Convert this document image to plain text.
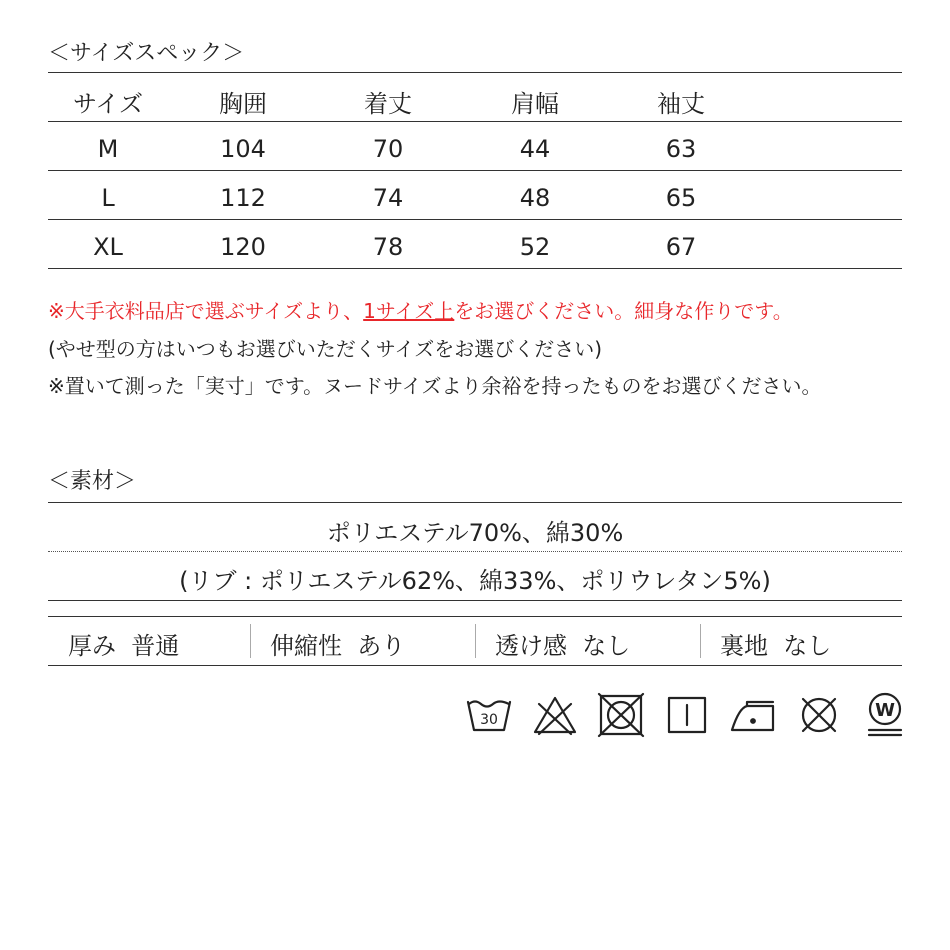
＜サイズスペック＞
サイズ	胸囲	着丈	肩幅	袖丈
M	104	70	44	63
L	112	74	48	65
XL	120	78	52	67
※大手衣料品店で選ぶサイズより、1サイズ上をお選びください。細身な作りです。
(やせ型の方はいつもお選びいただくサイズをお選びください)
※置いて測った「実寸」です。ヌードサイズより余裕を持ったものをお選びください。
＜素材＞
ポリエステル70%、綿30%
(リブ : ポリエステル62%、綿33%、ポリウレタン5%)
厚み 普通	伸縮性 あり	透け感 なし	裏地 なし
30	W
